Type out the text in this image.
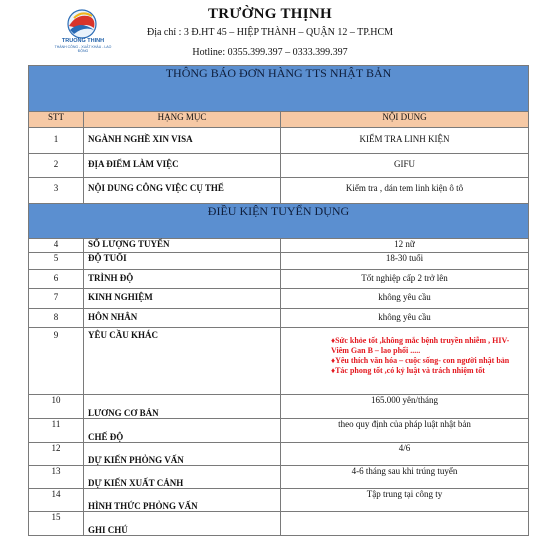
TRUONG THINH
THÀNH CÔNG - XUẤT KHẨU - LAO ĐỘNG
TRƯỜNG THỊNH
Địa chỉ : 3 Đ.HT 45 – HIỆP THÀNH – QUẬN 12 – TP.HCM
Hotline: 0355.399.397 – 0333.399.397
THÔNG BÁO ĐƠN HÀNG TTS NHẬT BẢN		
STT	HẠNG MỤC	NỘI DUNG
1	NGÀNH NGHỀ XIN VISA	KIỂM TRA LINH KIỆN
2	ĐỊA ĐIỂM LÀM VIỆC	GIFU
3	NỘI DUNG CÔNG VIỆC CỤ THỂ	Kiểm tra , dán tem linh kiện ô tô
ĐIỀU KIỆN TUYỂN DỤNG		
4	SỐ LƯỢNG TUYỂN	12 nữ
5	ĐỘ TUỔI	18-30 tuổi
6	TRÌNH ĐỘ	Tốt nghiệp cấp 2 trở lên
7	KINH NGHIỆM	không yêu cầu
8	HÔN NHÂN	không yêu cầu
9	YÊU CẦU KHÁC	♦Sức khỏe tốt ,không mắc bệnh truyền nhiễm , HIV-
Viêm Gan B – lao phổi .....
♦Yêu thích văn hóa – cuộc sống- con người nhật bản
♦Tác phong tốt ,có kỷ luật và trách nhiệm tốt

10	LƯƠNG CƠ BẢN	165.000 yên/tháng
11	CHẾ ĐỘ	theo quy định của pháp luật nhật bản
12	DỰ KIẾN PHỎNG VẤN	4/6
13	DỰ KIẾN XUẤT CẢNH	4-6 tháng sau khi trúng tuyển
14	HÌNH THỨC PHỎNG VẤN	Tập trung tại công ty
15	GHI CHÚ	
